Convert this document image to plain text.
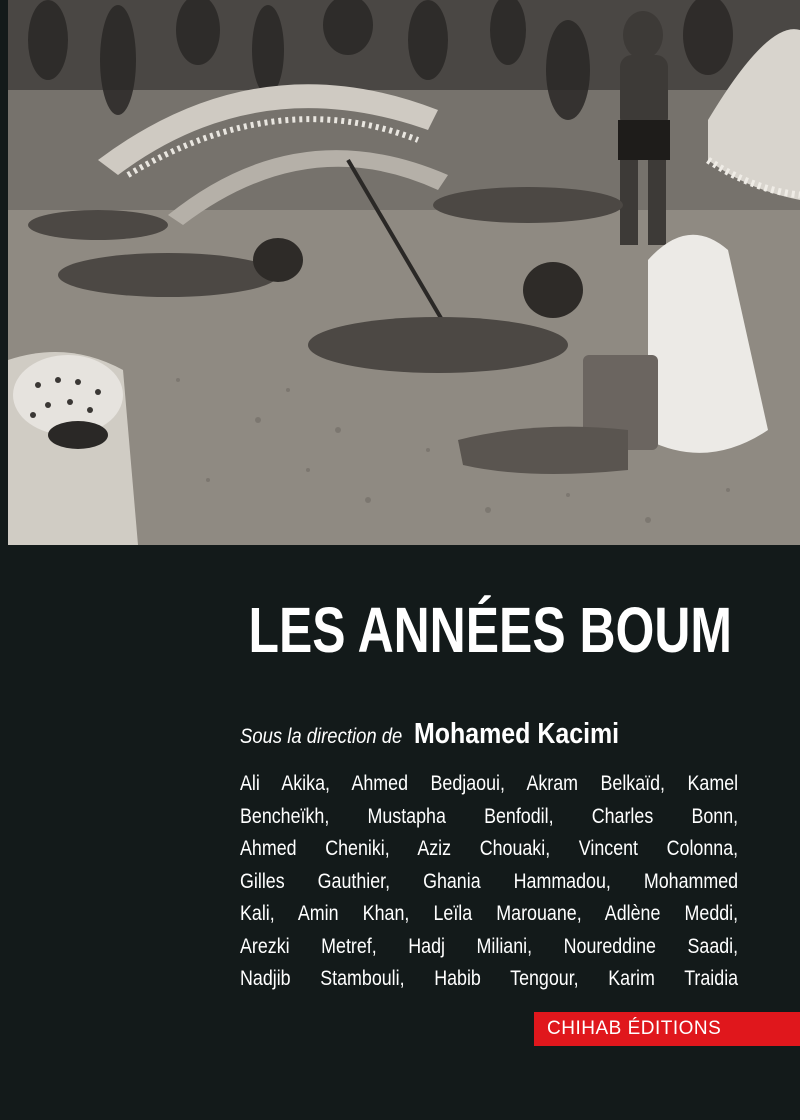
LES ANNÉES BOUM
Sous la direction de Mohamed Kacimi
Ali Akika, Ahmed Bedjaoui, Akram Belkaïd, Kamel
Bencheïkh, Mustapha Benfodil, Charles Bonn,
Ahmed Cheniki, Aziz Chouaki, Vincent Colonna,
Gilles Gauthier, Ghania Hammadou, Mohammed
Kali, Amin Khan, Leïla Marouane, Adlène Meddi,
Arezki Metref, Hadj Miliani, Noureddine Saadi,
Nadjib Stambouli, Habib Tengour, Karim Traidia
CHIHAB ÉDITIONS
